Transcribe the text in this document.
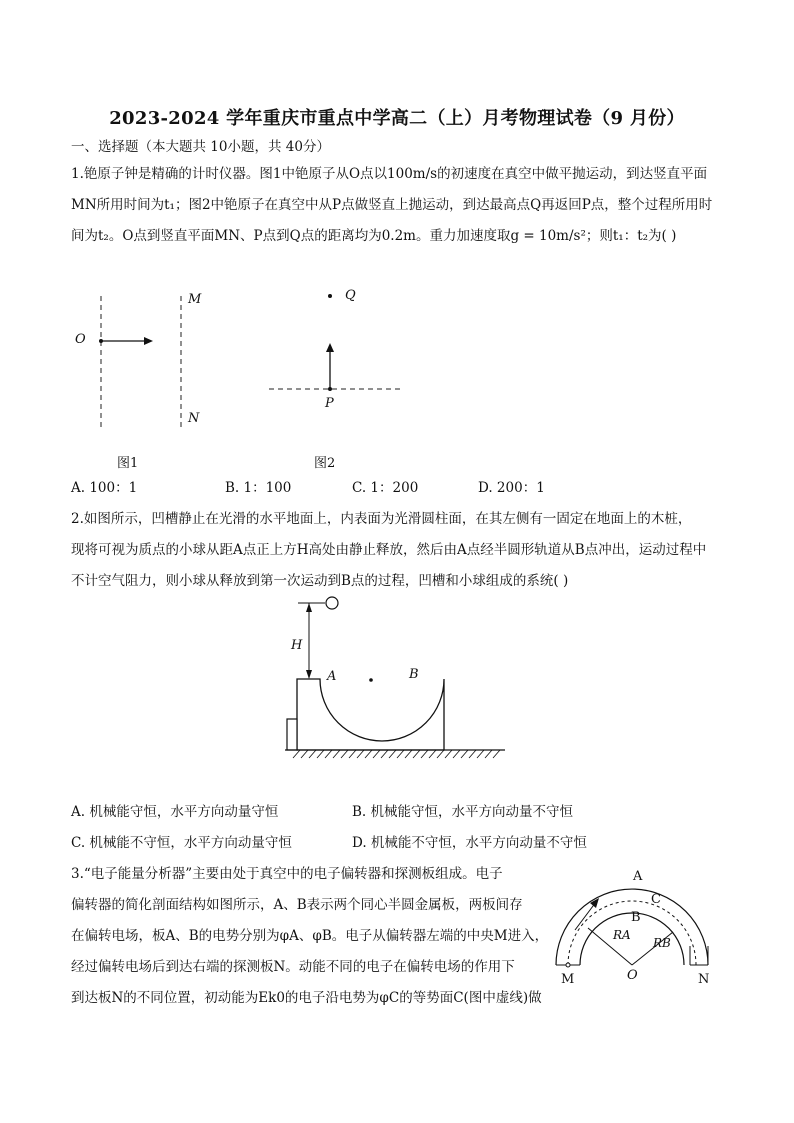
2023-2024 学年重庆市重点中学高二（上）月考物理试卷（9 月份）
一、选择题（本大题共 10小题，共 40分）
1.铯原子钟是精确的计时仪器。图1中铯原子从O点以100m/s的初速度在真空中做平抛运动，到达竖直平面
MN所用时间为t₁；图2中铯原子在真空中从P点做竖直上抛运动，到达最高点Q再返回P点，整个过程所用时
间为t₂。O点到竖直平面MN、P点到Q点的距离均为0.2m。重力加速度取g = 10m/s²；则t₁：t₂为( )
O
M
N
图1
Q
P
图2
A. 100：1	B. 1：100	C. 1：200	D. 200：1
2.如图所示，凹槽静止在光滑的水平地面上，内表面为光滑圆柱面，在其左侧有一固定在地面上的木桩，
现将可视为质点的小球从距A点正上方H高处由静止释放，然后由A点经半圆形轨道从B点冲出，运动过程中
不计空气阻力，则小球从释放到第一次运动到B点的过程，凹槽和小球组成的系统( )
H
A	B
A. 机械能守恒，水平方向动量守恒	B. 机械能守恒，水平方向动量不守恒
C. 机械能不守恒，水平方向动量守恒	D. 机械能不守恒，水平方向动量不守恒
3.“电子能量分析器”主要由处于真空中的电子偏转器和探测板组成。电子
偏转器的简化剖面结构如图所示，A、B表示两个同心半圆金属板，两板间存
在偏转电场，板A、B的电势分别为φA、φB。电子从偏转器左端的中央M进入，
经过偏转电场后到达右端的探测板N。动能不同的电子在偏转电场的作用下
到达板N的不同位置，初动能为Ek0的电子沿电势为φC的等势面C(图中虚线)做
A
C
B
RA
RB
O
M	N
